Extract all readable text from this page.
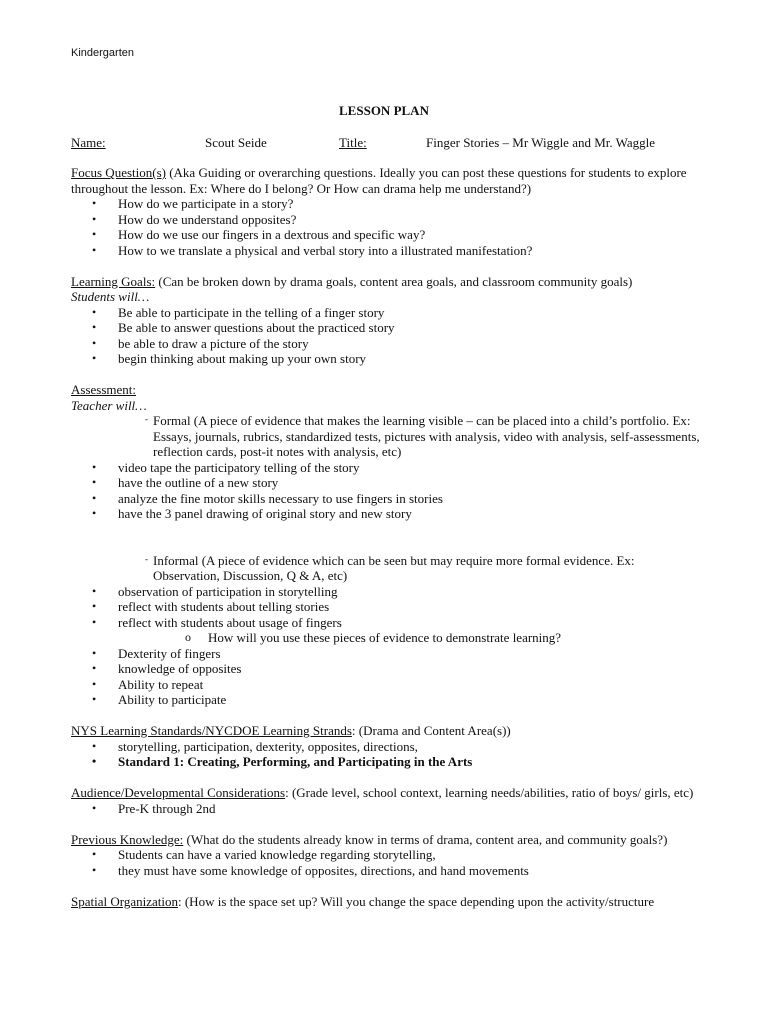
Kindergarten
LESSON PLAN
Name:	Scout Seide	Title:	Finger Stories – Mr Wiggle and Mr. Waggle
Focus Question(s) (Aka Guiding or overarching questions. Ideally you can post these questions for students to explore throughout the lesson. Ex: Where do I belong? Or How can drama help me understand?)
• How do we participate in a story?
• How do we understand opposites?
• How do we use our fingers in a dextrous and specific way?
• How to we translate a physical and verbal story into a illustrated manifestation?
Learning Goals: (Can be broken down by drama goals, content area goals, and classroom community goals)
Students will…
• Be able to participate in the telling of a finger story
• Be able to answer questions about the practiced story
• be able to draw a picture of the story
• begin thinking about making up your own story
Assessment:
Teacher will…
- Formal (A piece of evidence that makes the learning visible – can be placed into a child’s portfolio. Ex: Essays, journals, rubrics, standardized tests, pictures with analysis, video with analysis, self-assessments, reflection cards, post-it notes with analysis, etc)
• video tape the participatory telling of the story
• have the outline of a new story
• analyze the fine motor skills necessary to use fingers in stories
• have the 3 panel drawing of original story and new story
- Informal (A piece of evidence which can be seen but may require more formal evidence. Ex: Observation, Discussion, Q & A, etc)
• observation of participation in storytelling
• reflect with students about telling stories
• reflect with students about usage of fingers
o How will you use these pieces of evidence to demonstrate learning?
• Dexterity of fingers
• knowledge of opposites
• Ability to repeat
• Ability to participate
NYS Learning Standards/NYCDOE Learning Strands: (Drama and Content Area(s))
• storytelling, participation, dexterity, opposites, directions,
• Standard 1: Creating, Performing, and Participating in the Arts
Audience/Developmental Considerations: (Grade level, school context, learning needs/abilities, ratio of boys/ girls, etc)
• Pre-K through 2nd
Previous Knowledge: (What do the students already know in terms of drama, content area, and community goals?)
• Students can have a varied knowledge regarding storytelling,
• they must have some knowledge of opposites, directions, and hand movements
Spatial Organization: (How is the space set up? Will you change the space depending upon the activity/structure
